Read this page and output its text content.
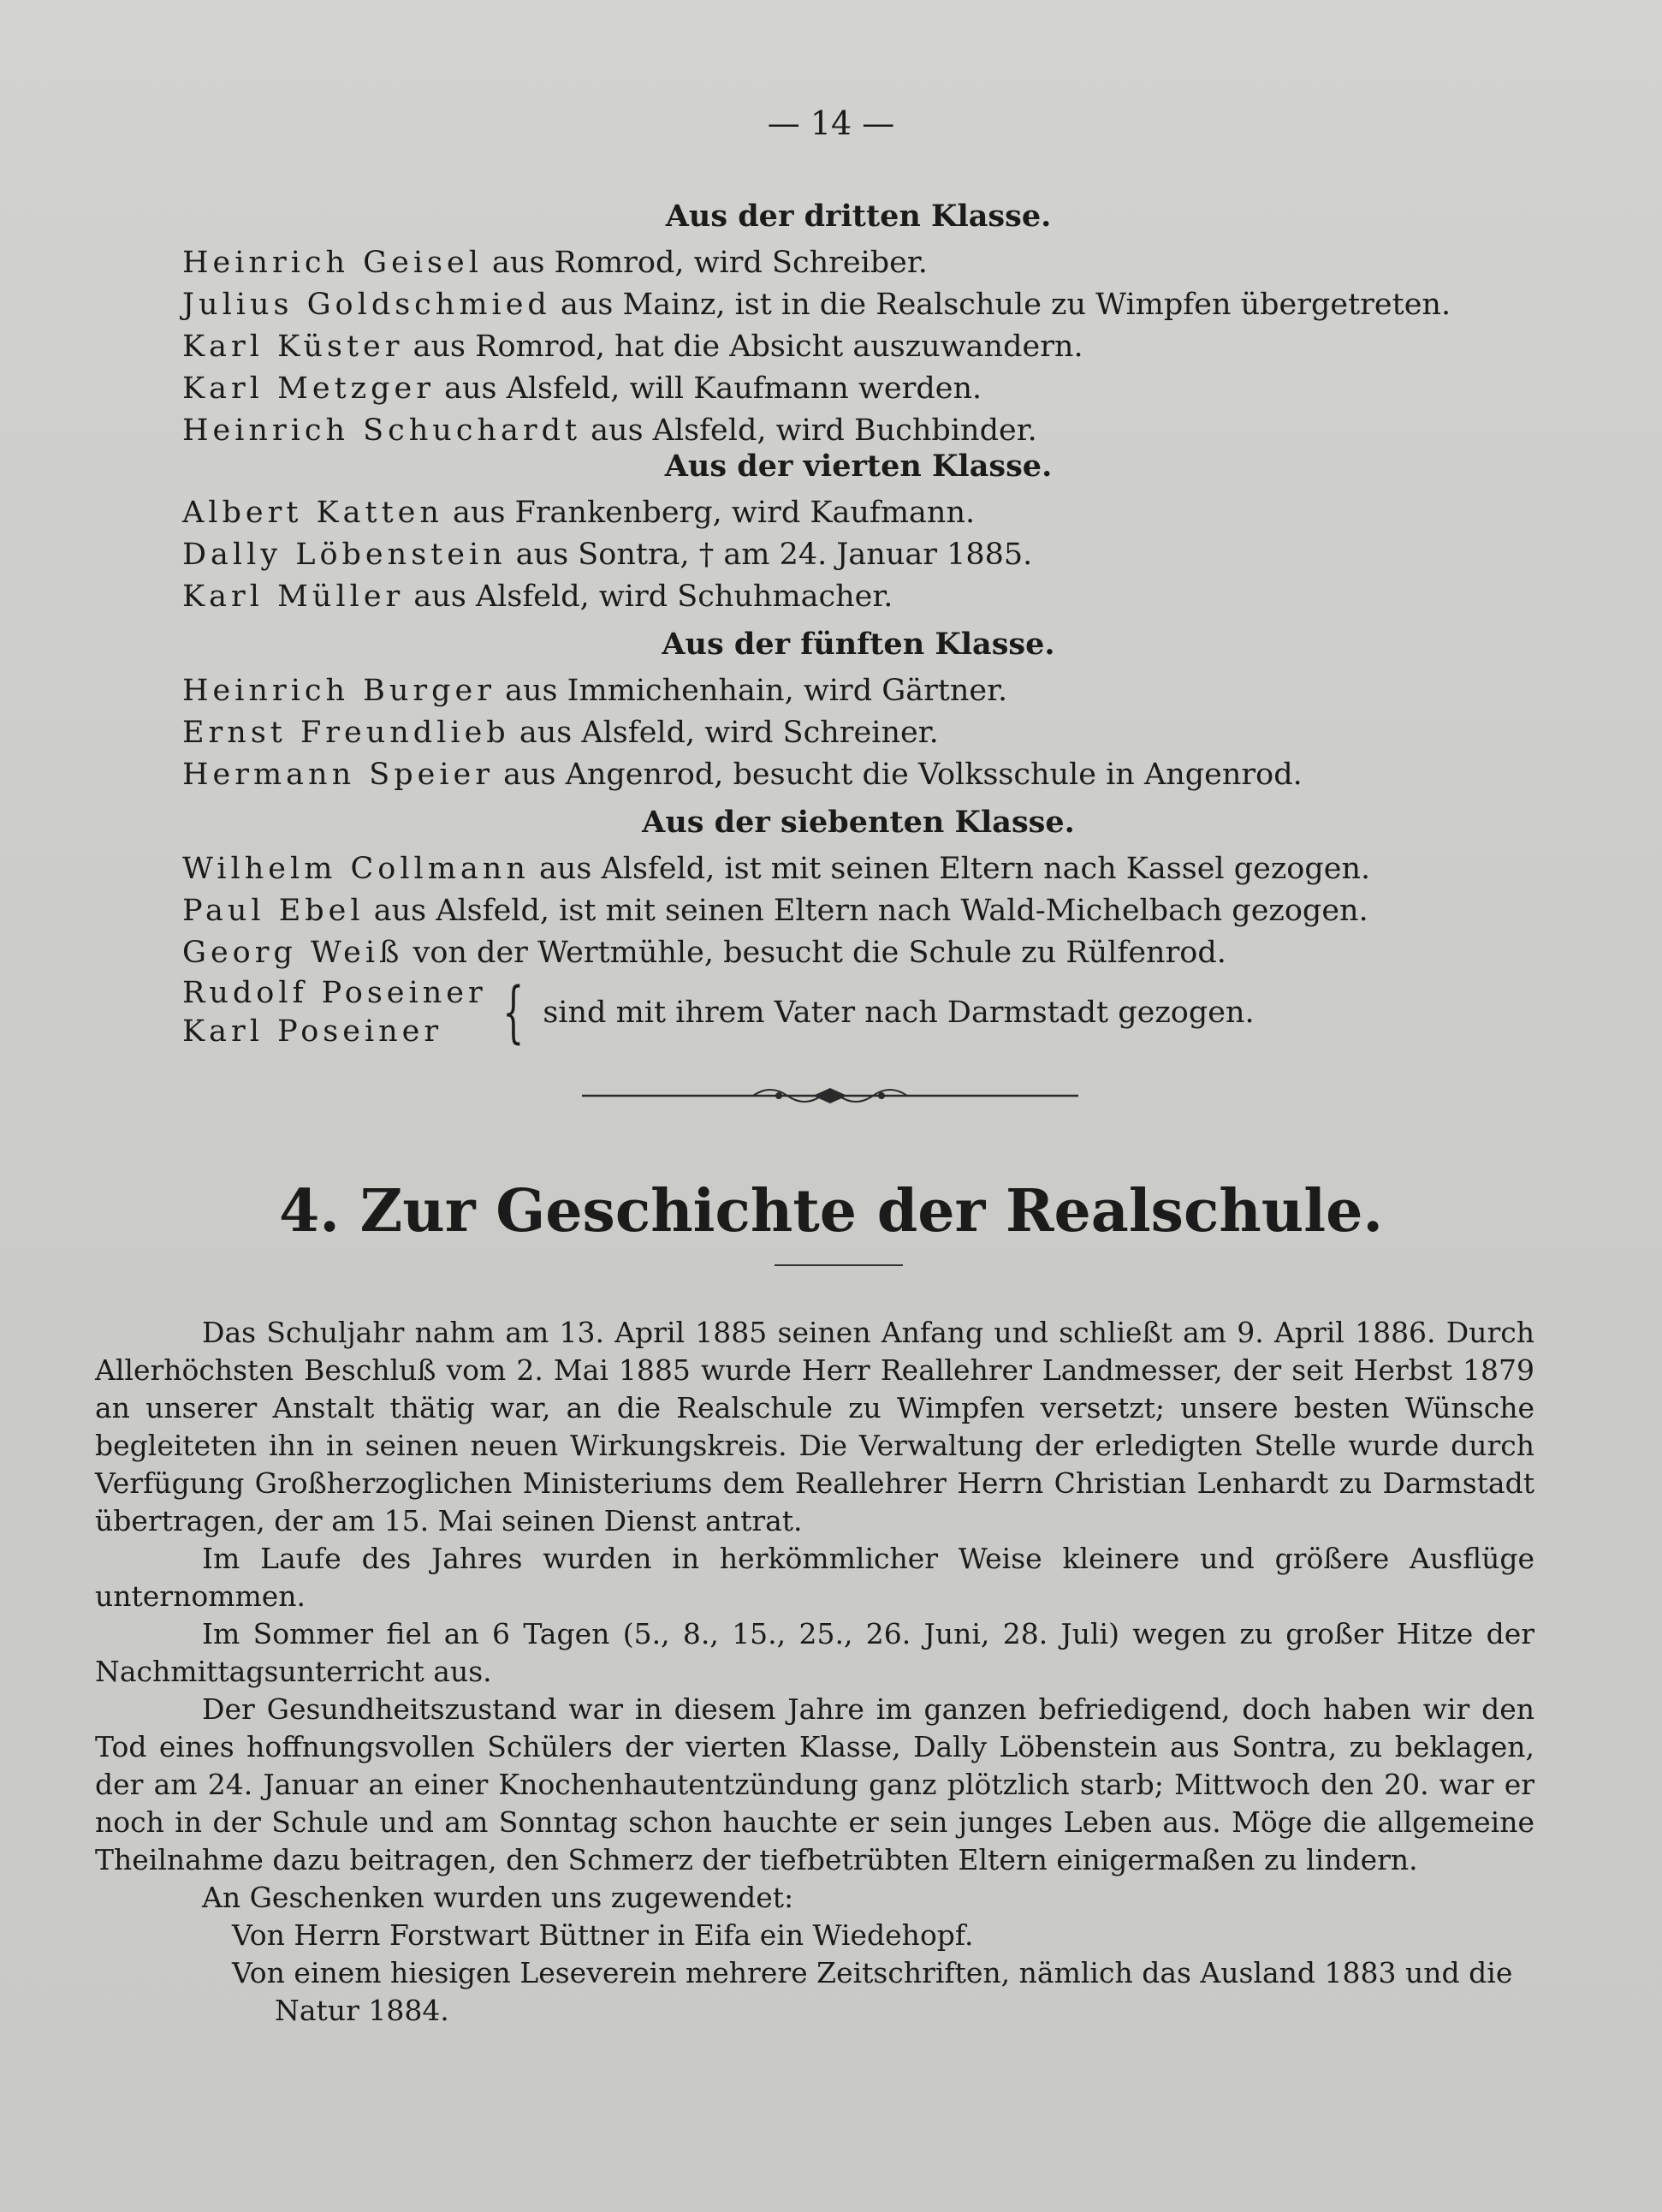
— 14 —
Aus der dritten Klasse.
Heinrich Geisel aus Romrod, wird Schreiber.
Julius Goldschmied aus Mainz, ist in die Realschule zu Wimpfen übergetreten.
Karl Küster aus Romrod, hat die Absicht auszuwandern.
Karl Metzger aus Alsfeld, will Kaufmann werden.
Heinrich Schuchardt aus Alsfeld, wird Buchbinder.
Aus der vierten Klasse.
Albert Katten aus Frankenberg, wird Kaufmann.
Dally Löbenstein aus Sontra, † am 24. Januar 1885.
Karl Müller aus Alsfeld, wird Schuhmacher.
Aus der fünften Klasse.
Heinrich Burger aus Immichenhain, wird Gärtner.
Ernst Freundlieb aus Alsfeld, wird Schreiner.
Hermann Speier aus Angenrod, besucht die Volksschule in Angenrod.
Aus der siebenten Klasse.
Wilhelm Collmann aus Alsfeld, ist mit seinen Eltern nach Kassel gezogen.
Paul Ebel aus Alsfeld, ist mit seinen Eltern nach Wald-Michelbach gezogen.
Georg Weiß von der Wertmühle, besucht die Schule zu Rülfenrod.
Rudolf Poseiner
Karl Poseiner { sind mit ihrem Vater nach Darmstadt gezogen.
4. Zur Geschichte der Realschule.

Das Schuljahr nahm am 13. April 1885 seinen Anfang und schließt am 9. April 1886. Durch Allerhöchsten Beschluß vom 2. Mai 1885 wurde Herr Reallehrer Landmesser, der seit Herbst 1879 an unserer Anstalt thätig war, an die Realschule zu Wimpfen versetzt; unsere besten Wünsche begleiteten ihn in seinen neuen Wirkungskreis. Die Verwaltung der erledigten Stelle wurde durch Verfügung Großherzoglichen Ministeriums dem Reallehrer Herrn Christian Lenhardt zu Darmstadt übertragen, der am 15. Mai seinen Dienst antrat.

Im Laufe des Jahres wurden in herkömmlicher Weise kleinere und größere Ausflüge unternommen.

Im Sommer fiel an 6 Tagen (5., 8., 15., 25., 26. Juni, 28. Juli) wegen zu großer Hitze der Nachmittagsunterricht aus.

Der Gesundheitszustand war in diesem Jahre im ganzen befriedigend, doch haben wir den Tod eines hoffnungsvollen Schülers der vierten Klasse, Dally Löbenstein aus Sontra, zu beklagen, der am 24. Januar an einer Knochenhautentzündung ganz plötzlich starb; Mittwoch den 20. war er noch in der Schule und am Sonntag schon hauchte er sein junges Leben aus. Möge die allgemeine Theilnahme dazu beitragen, den Schmerz der tiefbetrübten Eltern einigermaßen zu lindern.

An Geschenken wurden uns zugewendet:

Von Herrn Forstwart Büttner in Eifa ein Wiedehopf.

Von einem hiesigen Leseverein mehrere Zeitschriften, nämlich das Ausland 1883 und die Natur 1884.
